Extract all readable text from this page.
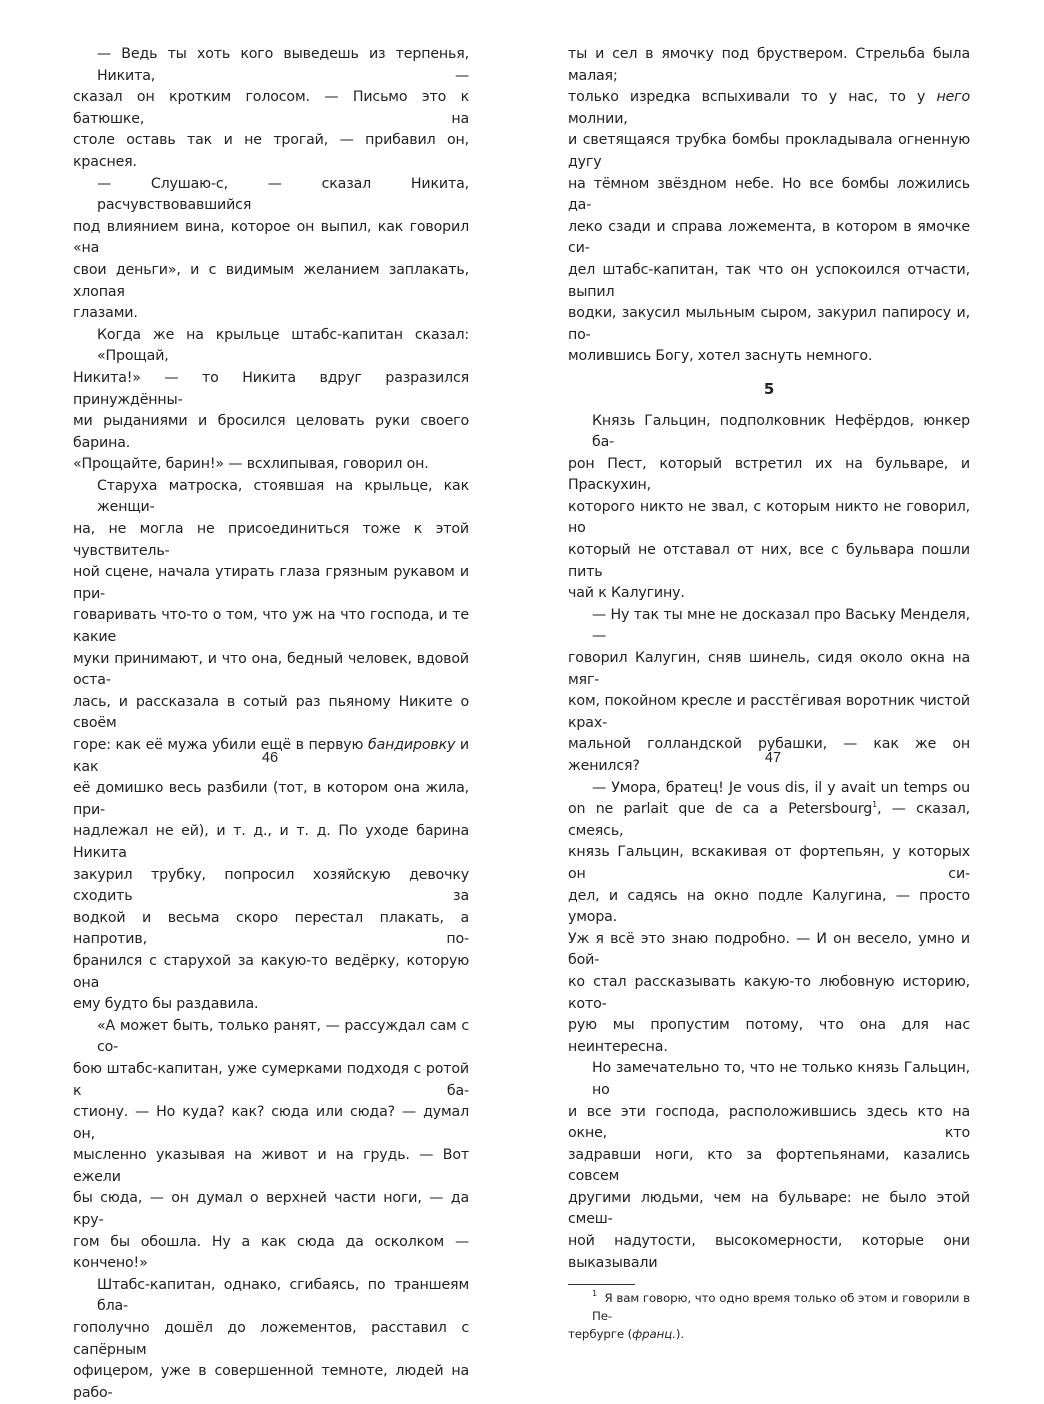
— Ведь ты хоть кого выведешь из терпенья, Никита, —
сказал он кротким голосом. — Письмо это к батюшке, на
столе оставь так и не трогай, — прибавил он, краснея.

— Слушаю-с, — сказал Никита, расчувствовавшийся
под влиянием вина, которое он выпил, как говорил «на
свои деньги», и с видимым желанием заплакать, хлопая
глазами.

Когда же на крыльце штабс-капитан сказал: «Прощай,
Никита!» — то Никита вдруг разразился принуждённы-
ми рыданиями и бросился целовать руки своего барина.
«Прощайте, барин!» — всхлипывая, говорил он.

Старуха матроска, стоявшая на крыльце, как женщи-
на, не могла не присоединиться тоже к этой чувствитель-
ной сцене, начала утирать глаза грязным рукавом и при-
говаривать что-то о том, что уж на что господа, и те какие
муки принимают, и что она, бедный человек, вдовой оста-
лась, и рассказала в сотый раз пьяному Никите о своём
горе: как её мужа убили ещё в первую бандировку и как
её домишко весь разбили (тот, в котором она жила, при-
надлежал не ей), и т. д., и т. д. По уходе барина Никита
закурил трубку, попросил хозяйскую девочку сходить за
водкой и весьма скоро перестал плакать, а напротив, по-
бранился с старухой за какую-то ведёрку, которую она
ему будто бы раздавила.

«А может быть, только ранят, — рассуждал сам с со-
бою штабс-капитан, уже сумерками подходя с ротой к ба-
стиону. — Но куда? как? сюда или сюда? — думал он,
мысленно указывая на живот и на грудь. — Вот ежели
бы сюда, — он думал о верхней части ноги, — да кру-
гом бы обошла. Ну а как сюда да осколком — кончено!»

Штабс-капитан, однако, сгибаясь, по траншеям бла-
гополучно дошёл до ложементов, расставил с сапёрным
офицером, уже в совершенной темноте, людей на рабо-

46

ты и сел в ямочку под бруствером. Стрельба была малая;
только изредка вспыхивали то у нас, то у него молнии,
и светящаяся трубка бомбы прокладывала огненную дугу
на тёмном звёздном небе. Но все бомбы ложились да-
леко сзади и справа ложемента, в котором в ямочке си-
дел штабс-капитан, так что он успокоился отчасти, выпил
водки, закусил мыльным сыром, закурил папиросу и, по-
молившись Богу, хотел заснуть немного.

5

Князь Гальцин, подполковник Нефёрдов, юнкер ба-
рон Пест, который встретил их на бульваре, и Праскухин,
которого никто не звал, с которым никто не говорил, но
который не отставал от них, все с бульвара пошли пить
чай к Калугину.

— Ну так ты мне не досказал про Ваську Менделя, —
говорил Калугин, сняв шинель, сидя около окна на мяг-
ком, покойном кресле и расстёгивая воротник чистой крах-
мальной голландской рубашки, — как же он женился?

— Умора, братец! Je vous dis, il y avait un temps ou
on ne parlait que de ca a Petersbourg$^1$, — сказал, смеясь,
князь Гальцин, вскакивая от фортепьян, у которых он си-
дел, и садясь на окно подле Калугина, — просто умора.
Уж я всё это знаю подробно. — И он весело, умно и бой-
ко стал рассказывать какую-то любовную историю, кото-
рую мы пропустим потому, что она для нас неинтересна.

Но замечательно то, что не только князь Гальцин, но
и все эти господа, расположившись здесь кто на окне, кто
задравши ноги, кто за фортепьянами, казались совсем
другими людьми, чем на бульваре: не было этой смеш-
ной надутости, высокомерности, которые они выказывали

$^1$ Я вам говорю, что одно время только об этом и говорили в Пе-
тербурге (франц.).
47
